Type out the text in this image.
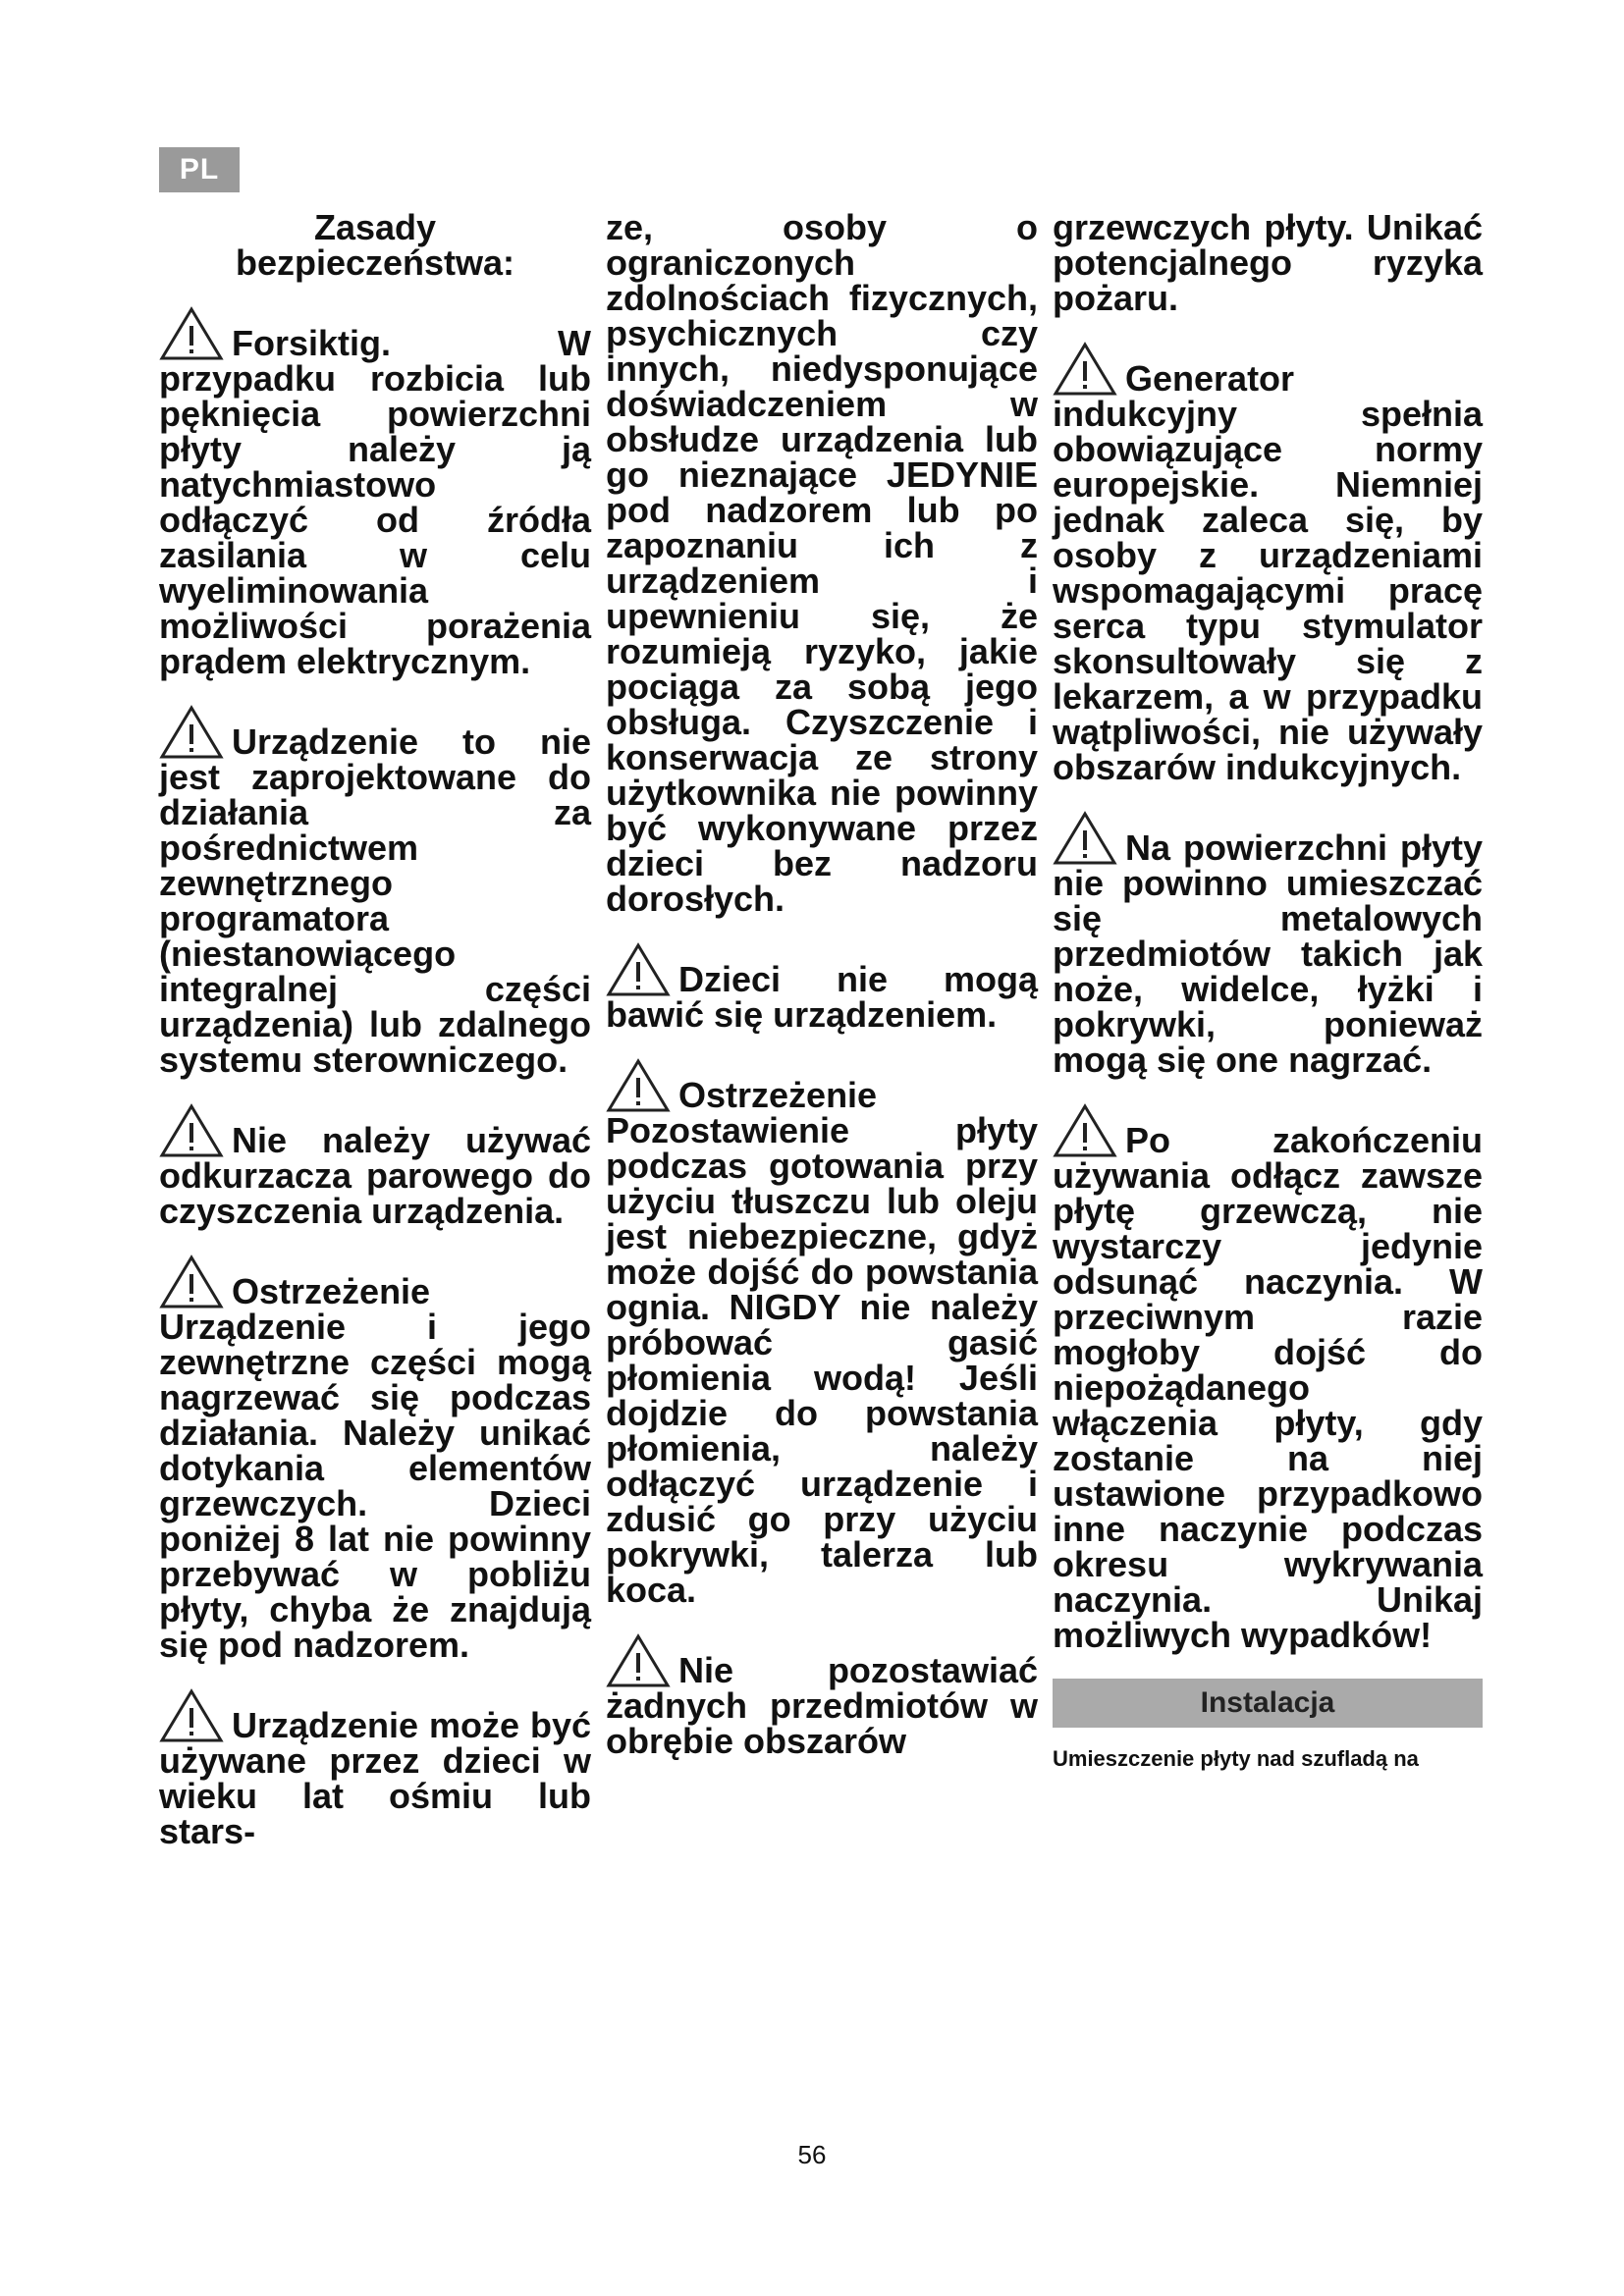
PL

Zasady
bezpieczeństwa:

Forsiktig. W przypadku rozbicia lub pęknięcia powierzchni płyty należy ją natychmiastowo odłączyć od źródła zasilania w celu wyeliminowania możliwości porażenia prądem elektrycznym.

Urządzenie to nie jest zaprojektowane do działania za pośrednictwem zewnętrznego programatora (niestanowiącego integralnej części urządzenia) lub zdalnego systemu sterowniczego.

Nie należy używać odkurzacza parowego do czyszczenia urządzenia.

Ostrzeżenie Urządzenie i jego zewnętrzne części mogą nagrzewać się podczas działania. Należy unikać dotykania elementów grzewczych. Dzieci poniżej 8 lat nie powinny przebywać w pobliżu płyty, chyba że znajdują się pod nadzorem.

Urządzenie może być używane przez dzieci w wieku lat ośmiu lub stars-

ze, osoby o ograniczonych zdolnościach fizycznych, psychicznych czy innych, niedysponujące doświadczeniem w obsłudze urządzenia lub go nieznające JEDYNIE pod nadzorem lub po zapoznaniu ich z urządzeniem i upewnieniu się, że rozumieją ryzyko, jakie pociąga za sobą jego obsługa. Czyszczenie i konserwacja ze strony użytkownika nie powinny być wykonywane przez dzieci bez nadzoru dorosłych.

Dzieci nie mogą bawić się urządzeniem.

Ostrzeżenie Pozostawienie płyty podczas gotowania przy użyciu tłuszczu lub oleju jest niebezpieczne, gdyż może dojść do powstania ognia. NIGDY nie należy próbować gasić płomienia wodą! Jeśli dojdzie do powstania płomienia, należy odłączyć urządzenie i zdusić go przy użyciu pokrywki, talerza lub koca.

Nie pozostawiać żadnych przedmiotów w obrębie obszarów

grzewczych płyty. Unikać potencjalnego ryzyka pożaru.

Generator indukcyjny spełnia obowiązujące normy europejskie. Niemniej jednak zaleca się, by osoby z urządzeniami wspomagającymi pracę serca typu stymulator skonsultowały się z lekarzem, a w przypadku wątpliwości, nie używały obszarów indukcyjnych.

Na powierzchni płyty nie powinno umieszczać się metalowych przedmiotów takich jak noże, widelce, łyżki i pokrywki, ponieważ mogą się one nagrzać.

Po zakończeniu używania odłącz zawsze płytę grzewczą, nie wystarczy jedynie odsunąć naczynia. W przeciwnym razie mogłoby dojść do niepożądanego włączenia płyty, gdy zostanie na niej ustawione przypadkowo inne naczynie podczas okresu wykrywania naczynia. Unikaj możliwych wypadków!

Instalacja
Umieszczenie płyty nad szufladą na
56
